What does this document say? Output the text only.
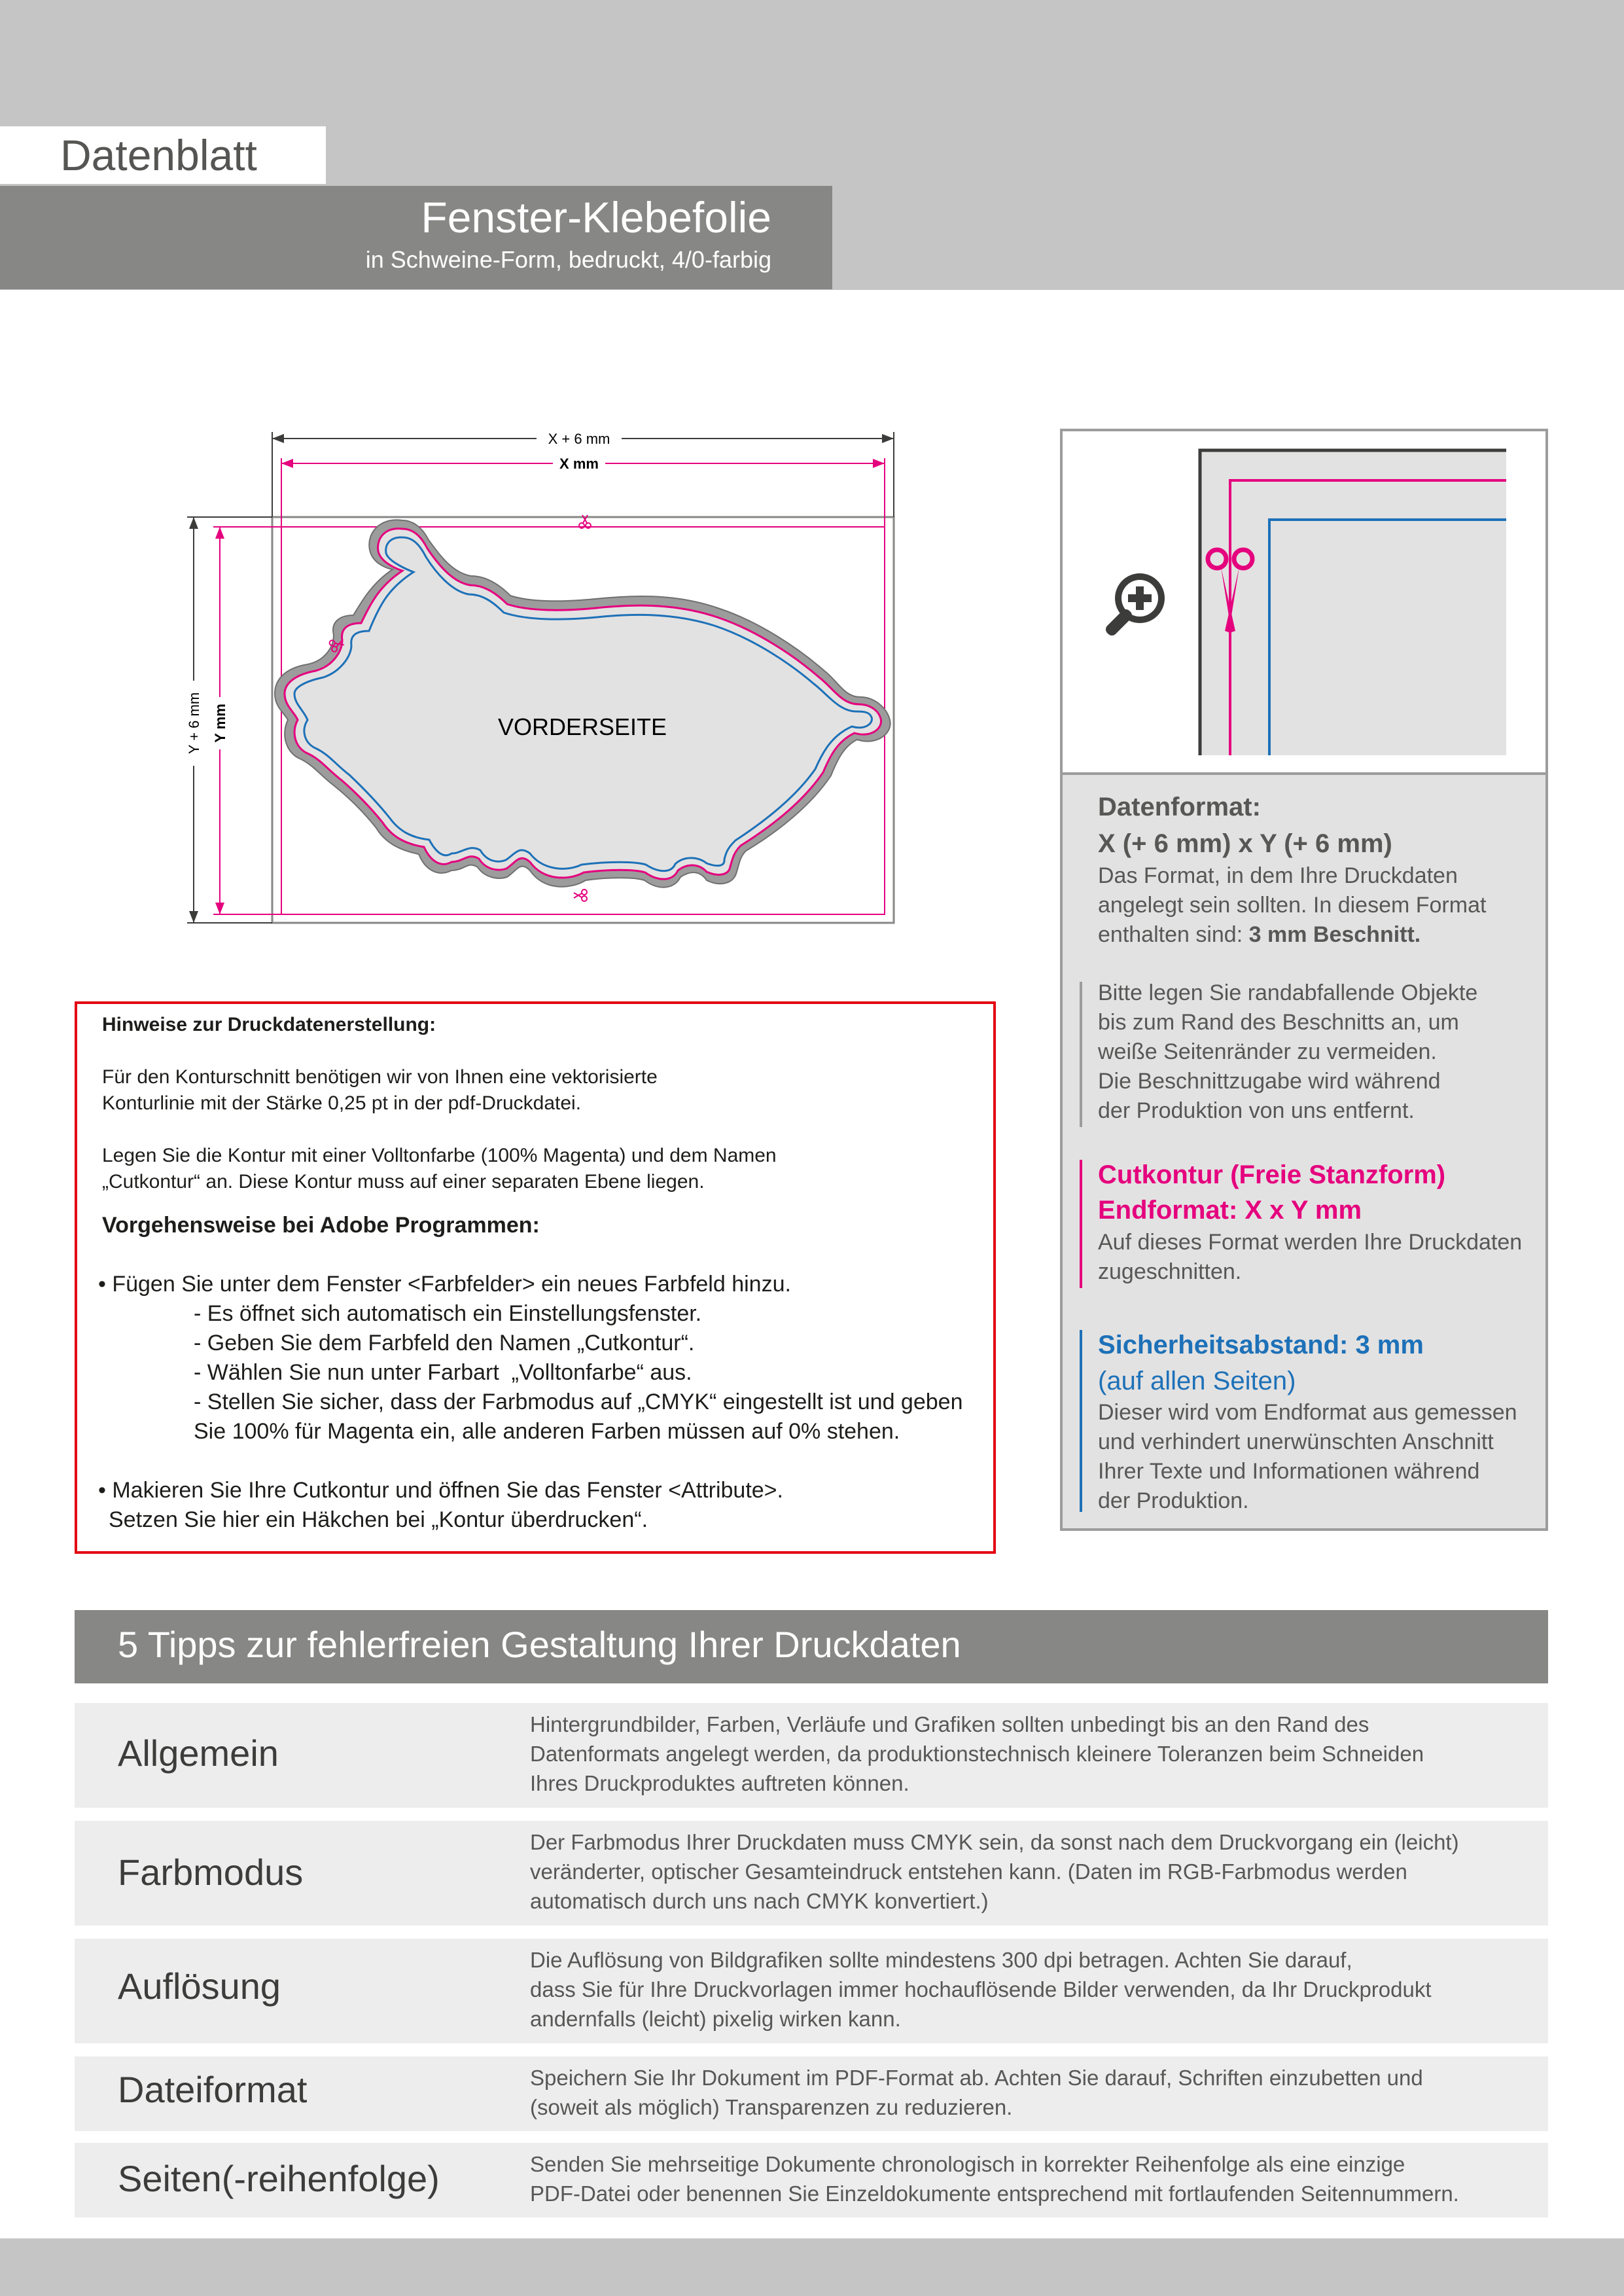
Datenblatt
Fenster-Klebefolie
in Schweine-Form, bedruckt, 4/0-farbig
X + 6 mm
X mm
Y + 6 mm Y mm	VORDERSEITE
Hinweise zur Druckdatenerstellung:
Für den Konturschnitt benötigen wir von Ihnen eine vektorisierte
Konturlinie mit der Stärke 0,25 pt in der pdf-Druckdatei.
Legen Sie die Kontur mit einer Volltonfarbe (100% Magenta) und dem Namen
„Cutkontur“ an. Diese Kontur muss auf einer separaten Ebene liegen.
Vorgehensweise bei Adobe Programmen:
• Fügen Sie unter dem Fenster <Farbfelder> ein neues Farbfeld hinzu.
- Es öffnet sich automatisch ein Einstellungsfenster.
- Geben Sie dem Farbfeld den Namen „Cutkontur“.
- Wählen Sie nun unter Farbart  „Volltonfarbe“ aus.
- Stellen Sie sicher, dass der Farbmodus auf „CMYK“ eingestellt ist und geben
Sie 100% für Magenta ein, alle anderen Farben müssen auf 0% stehen.
• Makieren Sie Ihre Cutkontur und öffnen Sie das Fenster <Attribute>.
Setzen Sie hier ein Häkchen bei „Kontur überdrucken“.
Datenformat:
X (+ 6 mm) x Y (+ 6 mm)
Das Format, in dem Ihre Druckdaten
angelegt sein sollten. In diesem Format
enthalten sind: 3 mm Beschnitt.
Bitte legen Sie randabfallende Objekte
bis zum Rand des Beschnitts an, um
weiße Seitenränder zu vermeiden.
Die Beschnittzugabe wird während
der Produktion von uns entfernt.
Cutkontur (Freie Stanzform)
Endformat: X x Y mm
Auf dieses Format werden Ihre Druckdaten
zugeschnitten.
Sicherheitsabstand: 3 mm
(auf allen Seiten)
Dieser wird vom Endformat aus gemessen
und verhindert unerwünschten Anschnitt
Ihrer Texte und Informationen während
der Produktion.
5 Tipps zur fehlerfreien Gestaltung Ihrer Druckdaten
Allgemein
Hintergrundbilder, Farben, Verläufe und Grafiken sollten unbedingt bis an den Rand des
Datenformats angelegt werden, da produktionstechnisch kleinere Toleranzen beim Schneiden
Ihres Druckproduktes auftreten können.
Farbmodus
Der Farbmodus Ihrer Druckdaten muss CMYK sein, da sonst nach dem Druckvorgang ein (leicht)
veränderter, optischer Gesamteindruck entstehen kann. (Daten im RGB-Farbmodus werden
automatisch durch uns nach CMYK konvertiert.)
Auflösung
Die Auflösung von Bildgrafiken sollte mindestens 300 dpi betragen. Achten Sie darauf,
dass Sie für Ihre Druckvorlagen immer hochauflösende Bilder verwenden, da Ihr Druckprodukt
andernfalls (leicht) pixelig wirken kann.
Dateiformat	Speichern Sie Ihr Dokument im PDF-Format ab. Achten Sie darauf, Schriften einzubetten und
(soweit als möglich) Transparenzen zu reduzieren.
Seiten(-reihenfolge)	Senden Sie mehrseitige Dokumente chronologisch in korrekter Reihenfolge als eine einzige
PDF-Datei oder benennen Sie Einzeldokumente entsprechend mit fortlaufenden Seitennummern.
